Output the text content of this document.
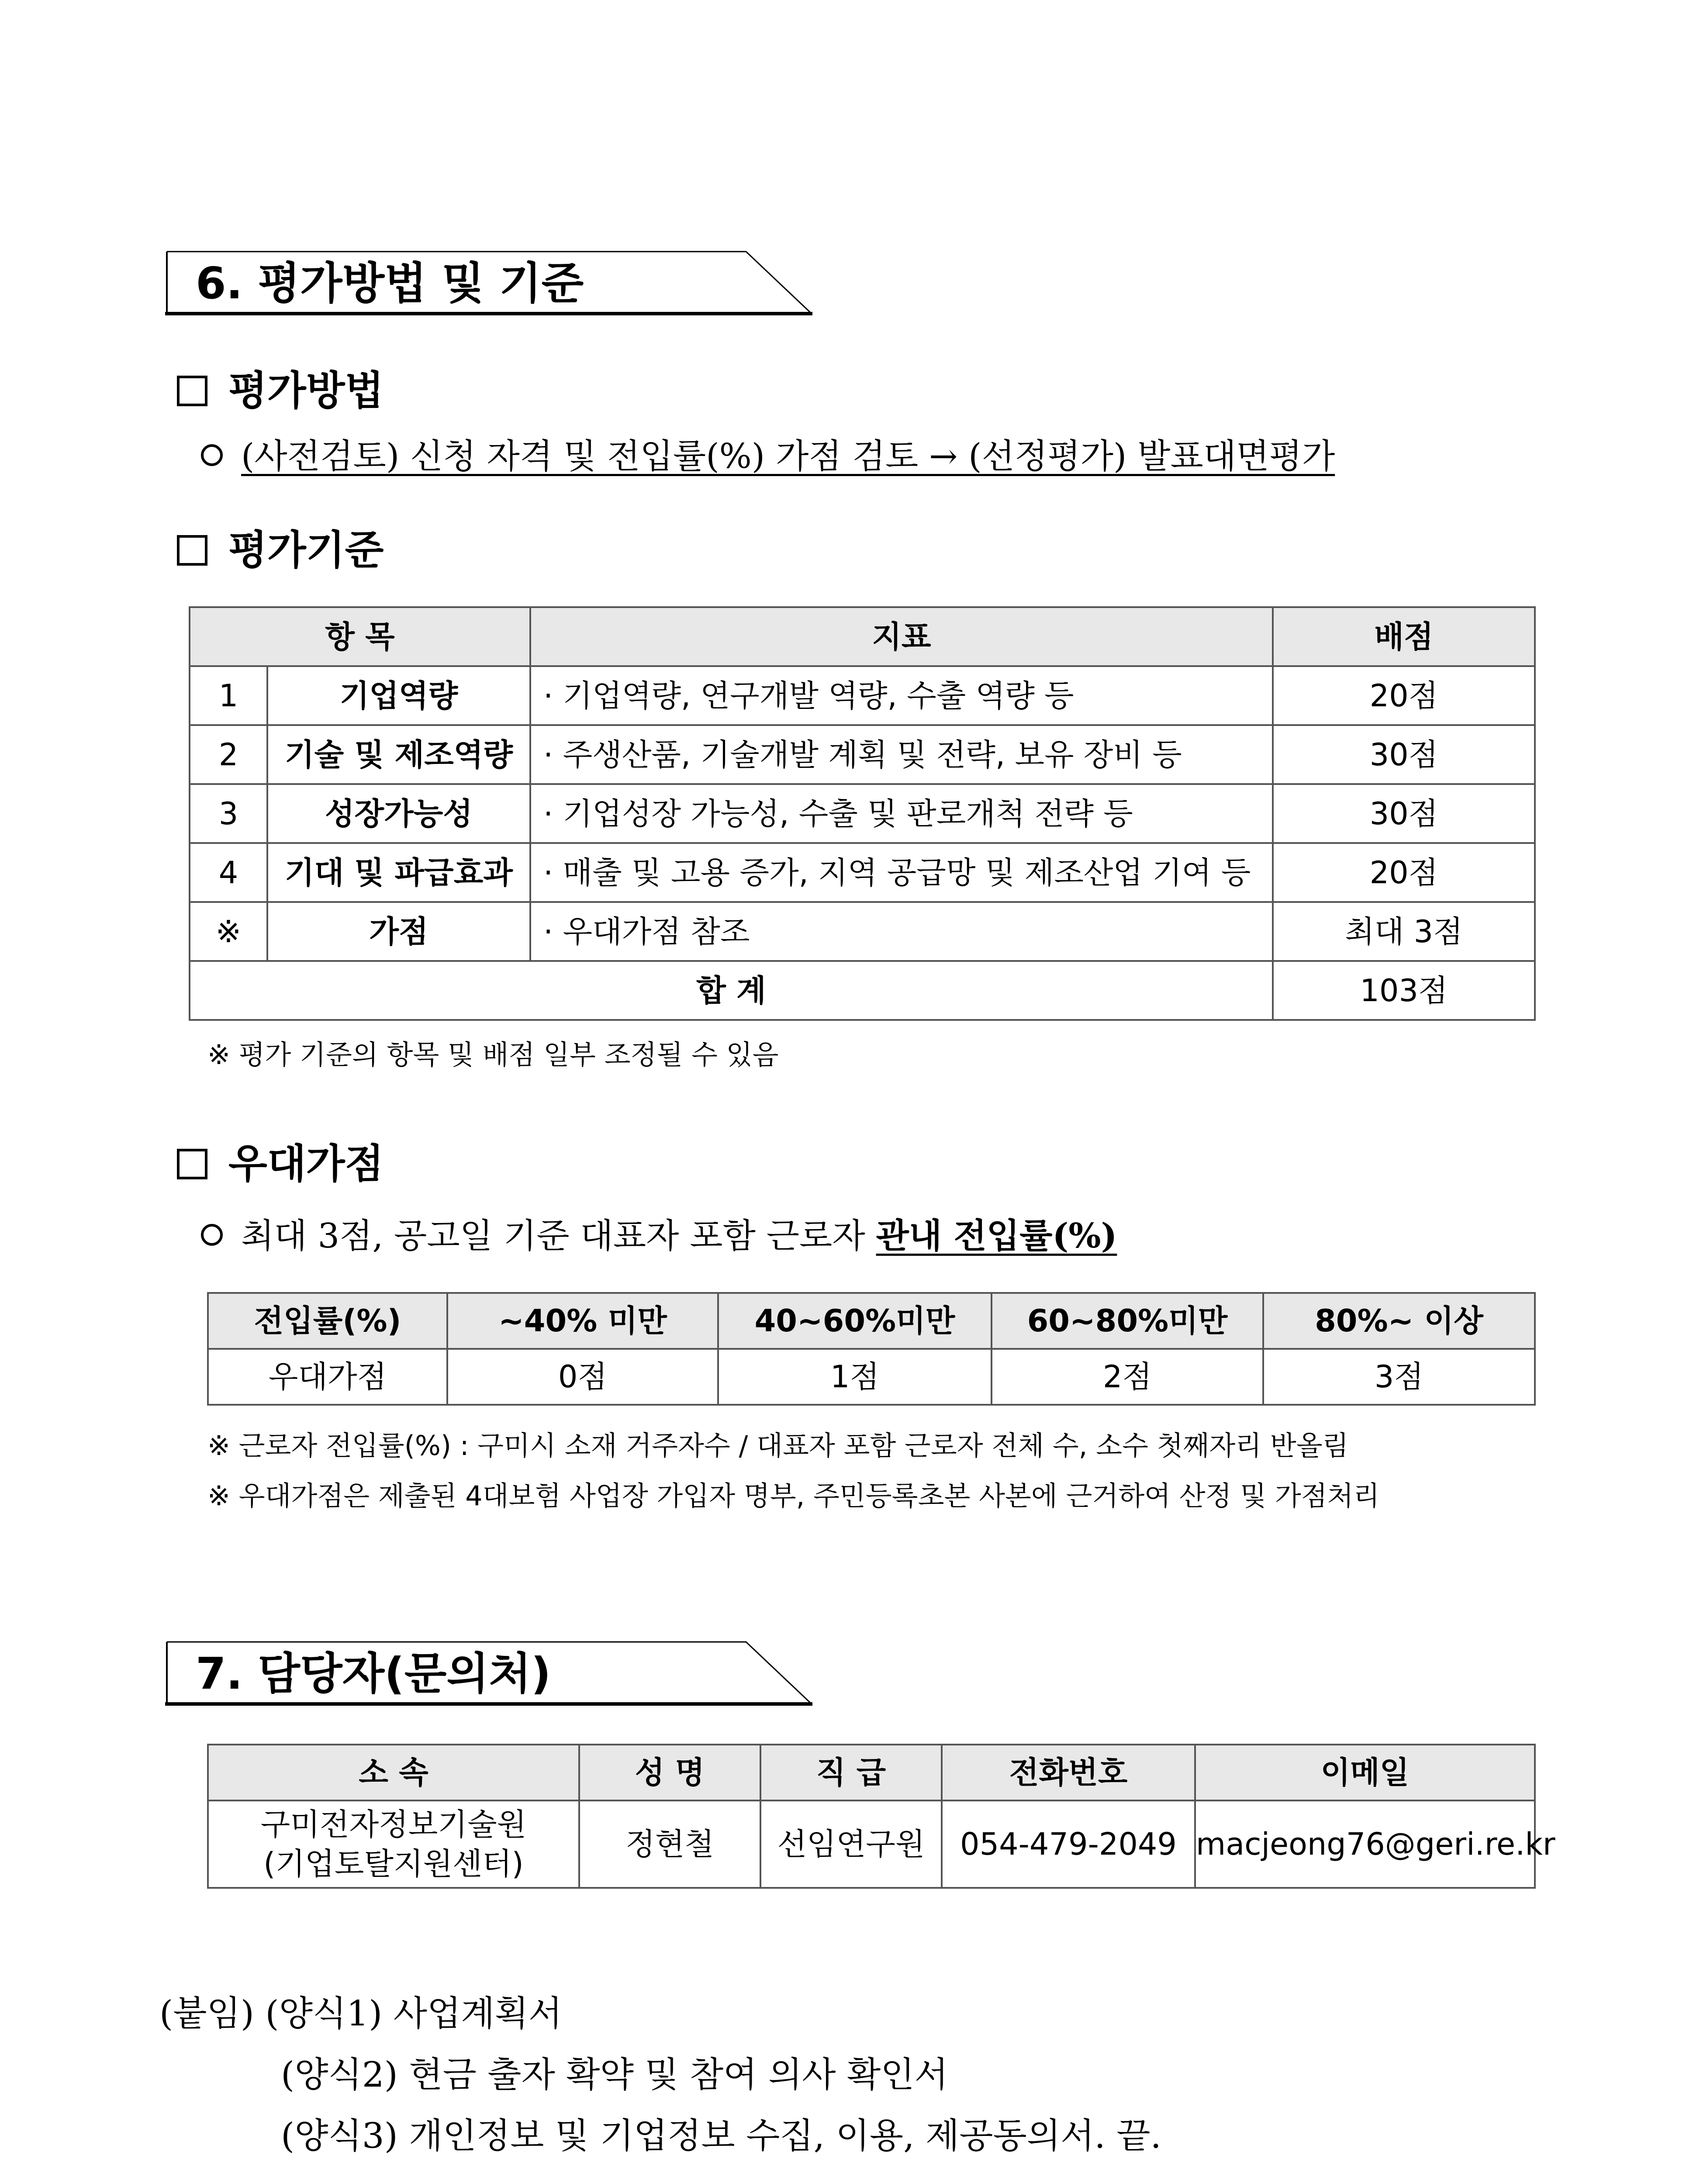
6. 평가방법 및 기준
평가방법
(사전검토) 신청 자격 및 전입률(%) 가점 검토 → (선정평가) 발표대면평가
평가기준
항 목		지표	배점
1	기업역량	· 기업역량, 연구개발 역량, 수출 역량 등	20점
2	기술 및 제조역량	· 주생산품, 기술개발 계획 및 전략, 보유 장비 등	30점
3	성장가능성	· 기업성장 가능성, 수출 및 판로개척 전략 등	30점
4	기대 및 파급효과	· 매출 및 고용 증가, 지역 공급망 및 제조산업 기여 등	20점
※	가점	· 우대가점 참조	최대 3점
합 계			103점
※ 평가 기준의 항목 및 배점 일부 조정될 수 있음
우대가점
최대 3점, 공고일 기준 대표자 포함 근로자 관내 전입률(%)
전입률(%)	~40% 미만	40~60%미만	60~80%미만	80%~ 이상
우대가점	0점	1점	2점	3점
※ 근로자 전입률(%) : 구미시 소재 거주자수 / 대표자 포함 근로자 전체 수, 소수 첫째자리 반올림
※ 우대가점은 제출된 4대보험 사업장 가입자 명부, 주민등록초본 사본에 근거하여 산정 및 가점처리
7. 담당자(문의처)
소 속	성 명	직 급	전화번호	이메일

구미전자정보기술원
(기업토탈지원센터)	정현철	선임연구원	054-479-2049	macjeong76@geri.re.kr
(붙임) (양식1) 사업계획서
(양식2) 현금 출자 확약 및 참여 의사 확인서
(양식3) 개인정보 및 기업정보 수집, 이용, 제공동의서. 끝.
